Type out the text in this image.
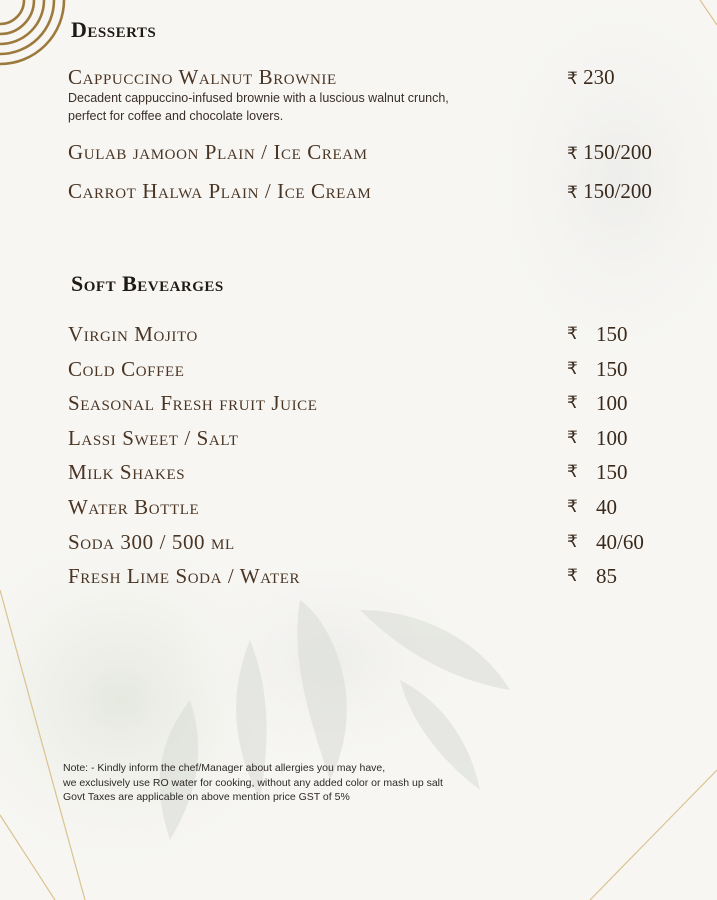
Desserts
Cappuccino Walnut Brownie	₹ 230
Decadent cappuccino-infused brownie with a luscious walnut crunch,
perfect for coffee and chocolate lovers.
Gulab jamoon Plain / Ice Cream	₹ 150/200
Carrot Halwa Plain / Ice Cream	₹ 150/200
Soft Bevearges
Virgin Mojito	₹ 150
Cold Coffee	₹ 150
Seasonal Fresh fruit Juice	₹ 100
Lassi Sweet / Salt	₹ 100
Milk Shakes	₹ 150
Water Bottle	₹ 40
Soda 300 / 500 ml	₹ 40/60
Fresh Lime Soda / Water	₹ 85
Note: - Kindly inform the chef/Manager about allergies you may have,
we exclusively use RO water for cooking, without any added color or mash up salt
Govt Taxes are applicable on above mention price GST of 5%
